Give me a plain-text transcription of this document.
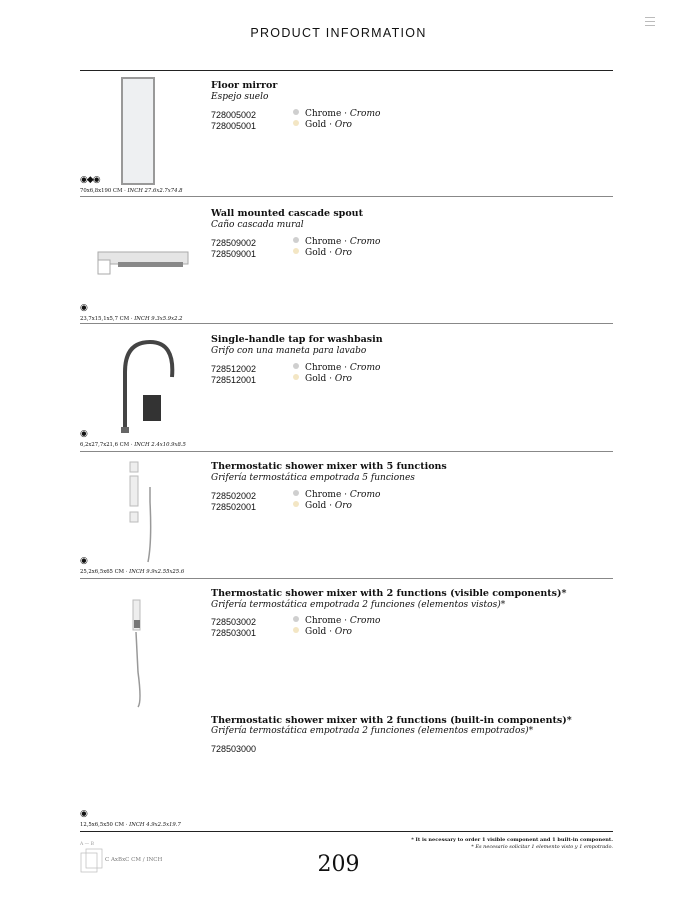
PRODUCT INFORMATION
Floor mirror
Espejo suelo
728005002
728005001
Chrome · Cromo
Gold · Oro
◉◆◉
70x6,8x190 CM · INCH 27.6x2.7x74.8
Wall mounted cascade spout
Caño cascada mural
728509002
728509001
Chrome · Cromo
Gold · Oro
◉
23,7x15,1x5,7 CM · INCH 9.3x5.9x2.2
Single-handle tap for washbasin
Grifo con una maneta para lavabo
728512002
728512001
Chrome · Cromo
Gold · Oro
◉
6,2x27,7x21,6 CM · INCH 2.4x10.9x8.5
Thermostatic shower mixer with 5 functions
Grifería termostática empotrada 5 funciones
728502002
728502001
Chrome · Cromo
Gold · Oro
◉
25,2x6,5x65 CM · INCH 9.9x2.55x25.6
Thermostatic shower mixer with 2 functions (visible components)*
Grifería termostática empotrada 2 funciones (elementos vistos)*
728503002
728503001
Chrome · Cromo
Gold · Oro
Thermostatic shower mixer with 2 functions (built-in components)*
Grifería termostática empotrada 2 funciones (elementos empotrados)*
728503000
◉
12,5x6,5x50 CM · INCH 4.9x2.5x19.7
* It is necessary to order 1 visible component and 1 built-in component.
* Es necesario solicitar 1 elemento visto y 1 empotrado.
A — B
C AxBxC CM / INCH	209
